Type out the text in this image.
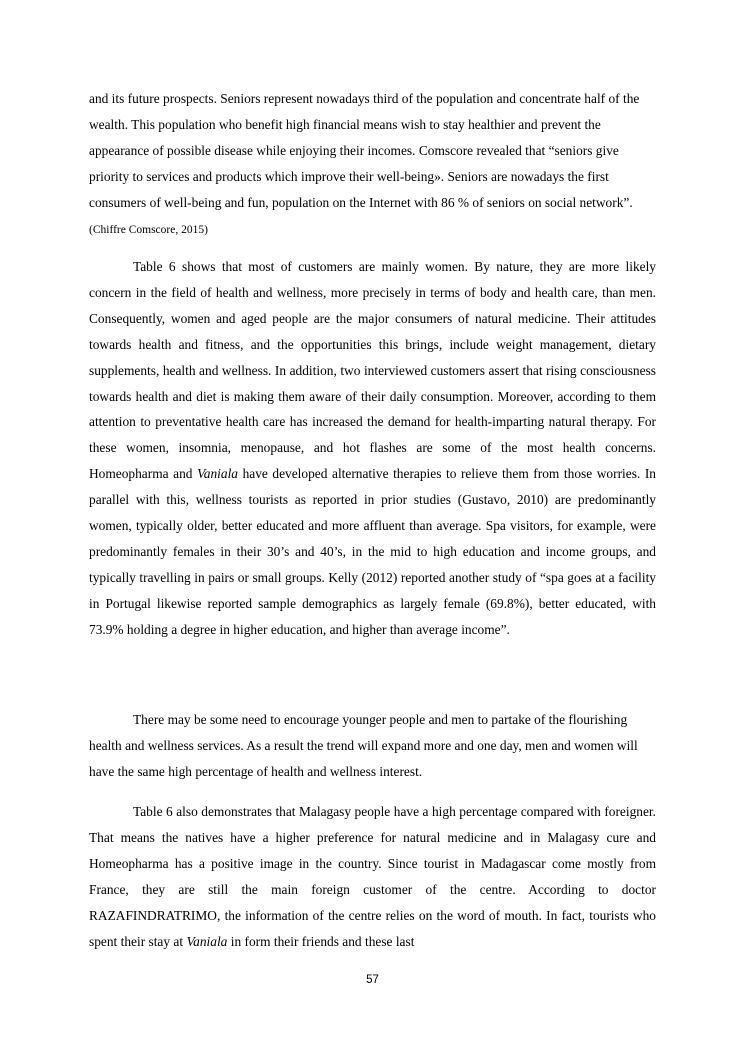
and its future prospects. Seniors represent nowadays third of the population and concentrate half of the wealth. This population who benefit high financial means wish to stay healthier and prevent the appearance of possible disease while enjoying their incomes. Comscore revealed that “seniors give priority to services and products which improve their well-being». Seniors are nowadays the first consumers of well-being and fun, population on the Internet with 86 % of seniors on social network”. (Chiffre Comscore, 2015)

Table 6 shows that most of customers are mainly women. By nature, they are more likely concern in the field of health and wellness, more precisely in terms of body and health care, than men. Consequently, women and aged people are the major consumers of natural medicine. Their attitudes towards health and fitness, and the opportunities this brings, include weight management, dietary supplements, health and wellness. In addition, two interviewed customers assert that rising consciousness towards health and diet is making them aware of their daily consumption. Moreover, according to them attention to preventative health care has increased the demand for health-imparting natural therapy. For these women, insomnia, menopause, and hot flashes are some of the most health concerns. Homeopharma and Vaniala have developed alternative therapies to relieve them from those worries. In parallel with this, wellness tourists as reported in prior studies (Gustavo, 2010) are predominantly women, typically older, better educated and more affluent than average. Spa visitors, for example, were predominantly females in their 30’s and 40’s, in the mid to high education and income groups, and typically travelling in pairs or small groups. Kelly (2012) reported another study of “spa goes at a facility in Portugal likewise reported sample demographics as largely female (69.8%), better educated, with 73.9% holding a degree in higher education, and higher than average income”.

There may be some need to encourage younger people and men to partake of the flourishing health and wellness services. As a result the trend will expand more and one day, men and women will have the same high percentage of health and wellness interest.

Table 6 also demonstrates that Malagasy people have a high percentage compared with foreigner. That means the natives have a higher preference for natural medicine and in Malagasy cure and Homeopharma has a positive image in the country. Since tourist in Madagascar come mostly from France, they are still the main foreign customer of the centre. According to doctor RAZAFINDRATRIMO, the information of the centre relies on the word of mouth. In fact, tourists who spent their stay at Vaniala in form their friends and these last

57
